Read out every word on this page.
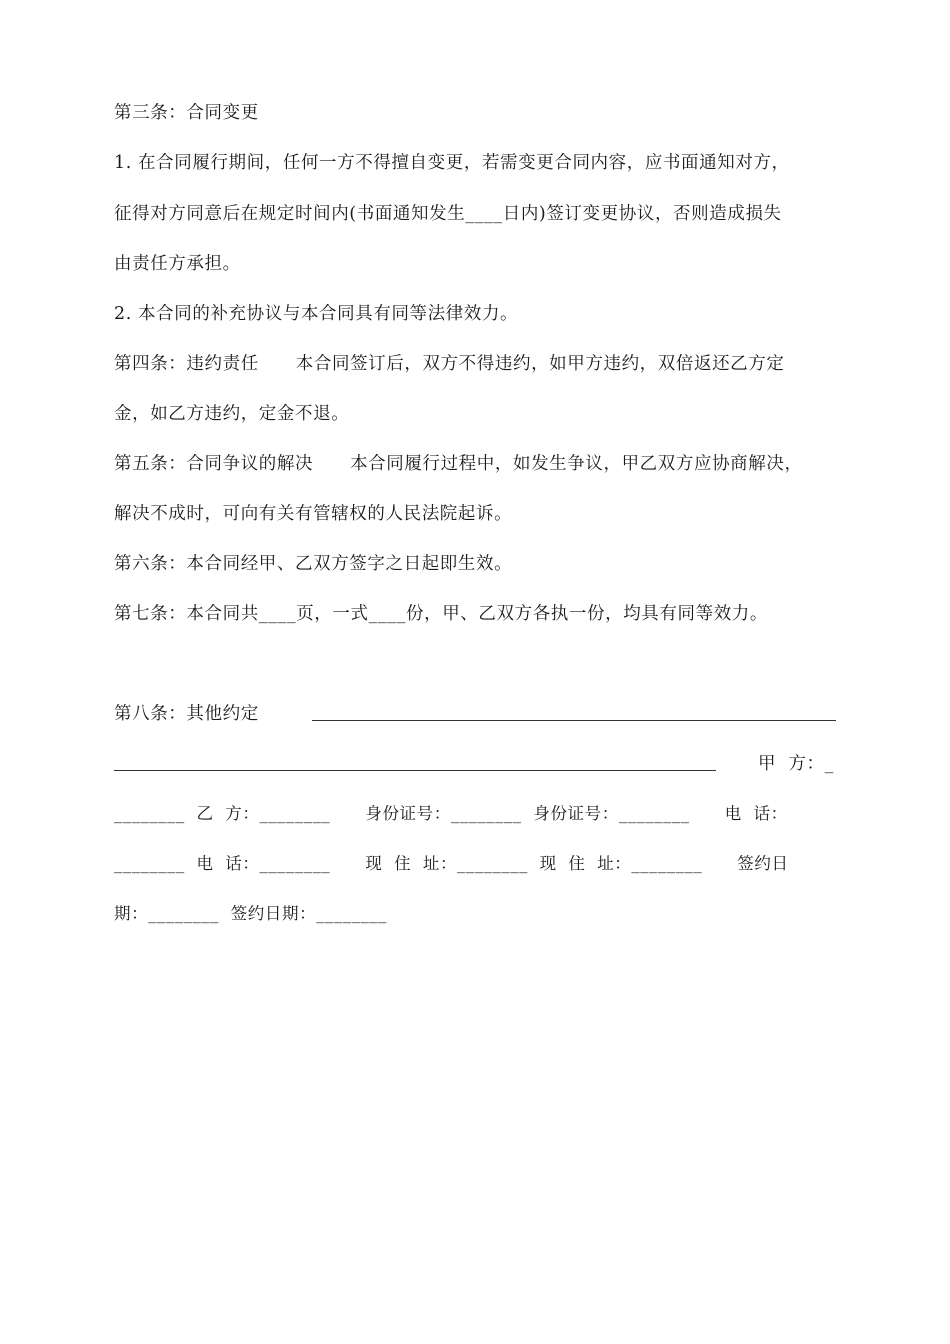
第三条：合同变更
1. 在合同履行期间，任何一方不得擅自变更，若需变更合同内容，应书面通知对方，
征得对方同意后在规定时间内(书面通知发生____日内)签订变更协议，否则造成损失
由责任方承担。
2. 本合同的补充协议与本合同具有同等法律效力。
第四条：违约责任      本合同签订后，双方不得违约，如甲方违约，双倍返还乙方定
金，如乙方违约，定金不退。
第五条：合同争议的解决      本合同履行过程中，如发生争议，甲乙双方应协商解决，
解决不成时，可向有关有管辖权的人民法院起诉。
第六条：本合同经甲、乙双方签字之日起即生效。
第七条：本合同共____页，一式____份，甲、乙双方各执一份，均具有同等效力。
第八条：其他约定
甲  方：_
________  乙  方：________      身份证号：________  身份证号：________      电  话：
________  电  话：________      现  住  址：________  现  住  址：________      签约日
期：________  签约日期：________
